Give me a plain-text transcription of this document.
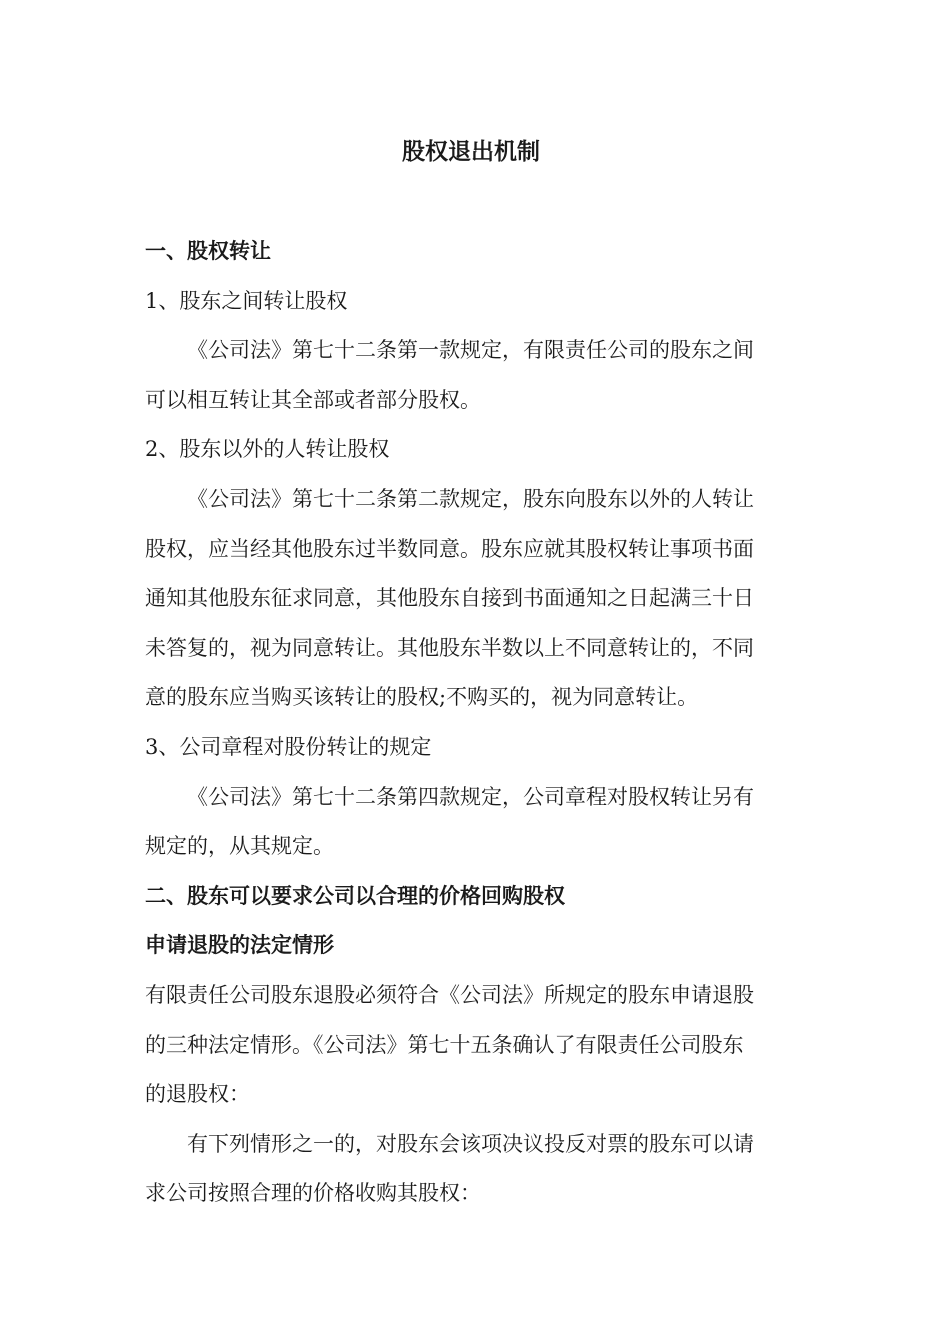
股权退出机制

一、股权转让

1、股东之间转让股权

《公司法》第七十二条第一款规定，有限责任公司的股东之间

可以相互转让其全部或者部分股权。

2、股东以外的人转让股权

《公司法》第七十二条第二款规定，股东向股东以外的人转让

股权，应当经其他股东过半数同意。股东应就其股权转让事项书面

通知其他股东征求同意，其他股东自接到书面通知之日起满三十日

未答复的，视为同意转让。其他股东半数以上不同意转让的，不同

意的股东应当购买该转让的股权;不购买的，视为同意转让。

3、公司章程对股份转让的规定

《公司法》第七十二条第四款规定，公司章程对股权转让另有

规定的，从其规定。

二、股东可以要求公司以合理的价格回购股权

申请退股的法定情形

有限责任公司股东退股必须符合《公司法》所规定的股东申请退股

的三种法定情形。《公司法》第七十五条确认了有限责任公司股东

的退股权：

有下列情形之一的，对股东会该项决议投反对票的股东可以请

求公司按照合理的价格收购其股权：
